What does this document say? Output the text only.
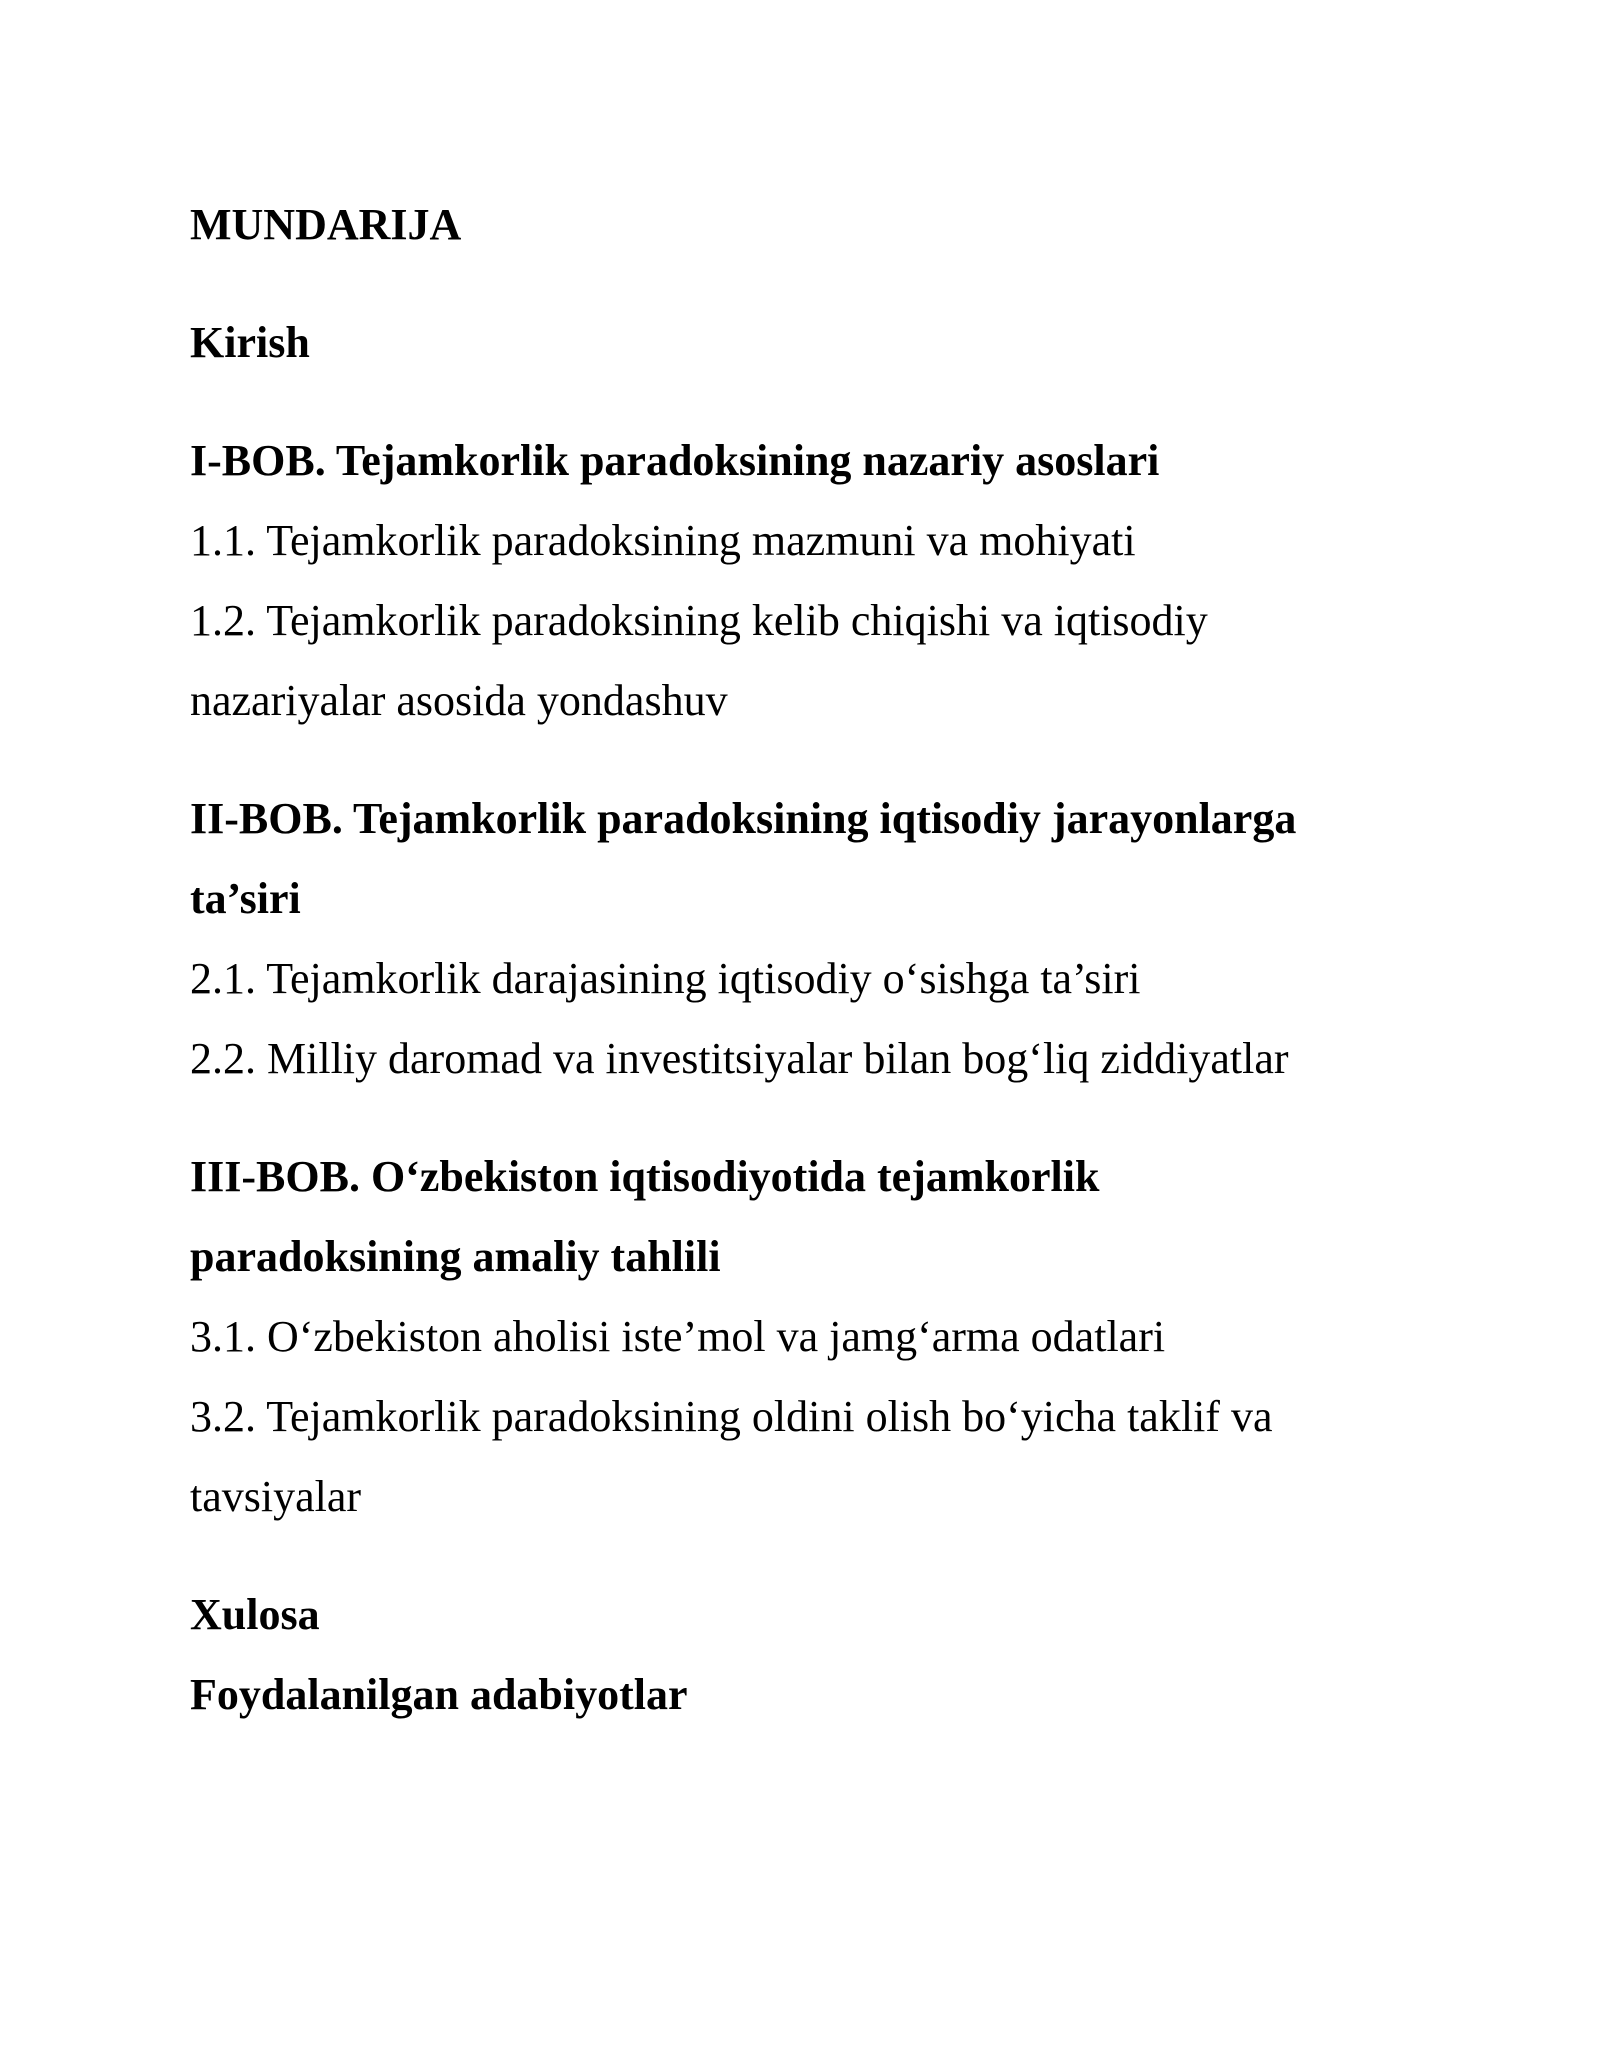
MUNDARIJA
Kirish
I-BOB. Tejamkorlik paradoksining nazariy asoslari
1.1. Tejamkorlik paradoksining mazmuni va mohiyati
1.2. Tejamkorlik paradoksining kelib chiqishi va iqtisodiy
nazariyalar asosida yondashuv
II-BOB. Tejamkorlik paradoksining iqtisodiy jarayonlarga
ta’siri
2.1. Tejamkorlik darajasining iqtisodiy o‘sishga ta’siri
2.2. Milliy daromad va investitsiyalar bilan bog‘liq ziddiyatlar
III-BOB. O‘zbekiston iqtisodiyotida tejamkorlik
paradoksining amaliy tahlili
3.1. O‘zbekiston aholisi iste’mol va jamg‘arma odatlari
3.2. Tejamkorlik paradoksining oldini olish bo‘yicha taklif va
tavsiyalar
Xulosa
Foydalanilgan adabiyotlar
